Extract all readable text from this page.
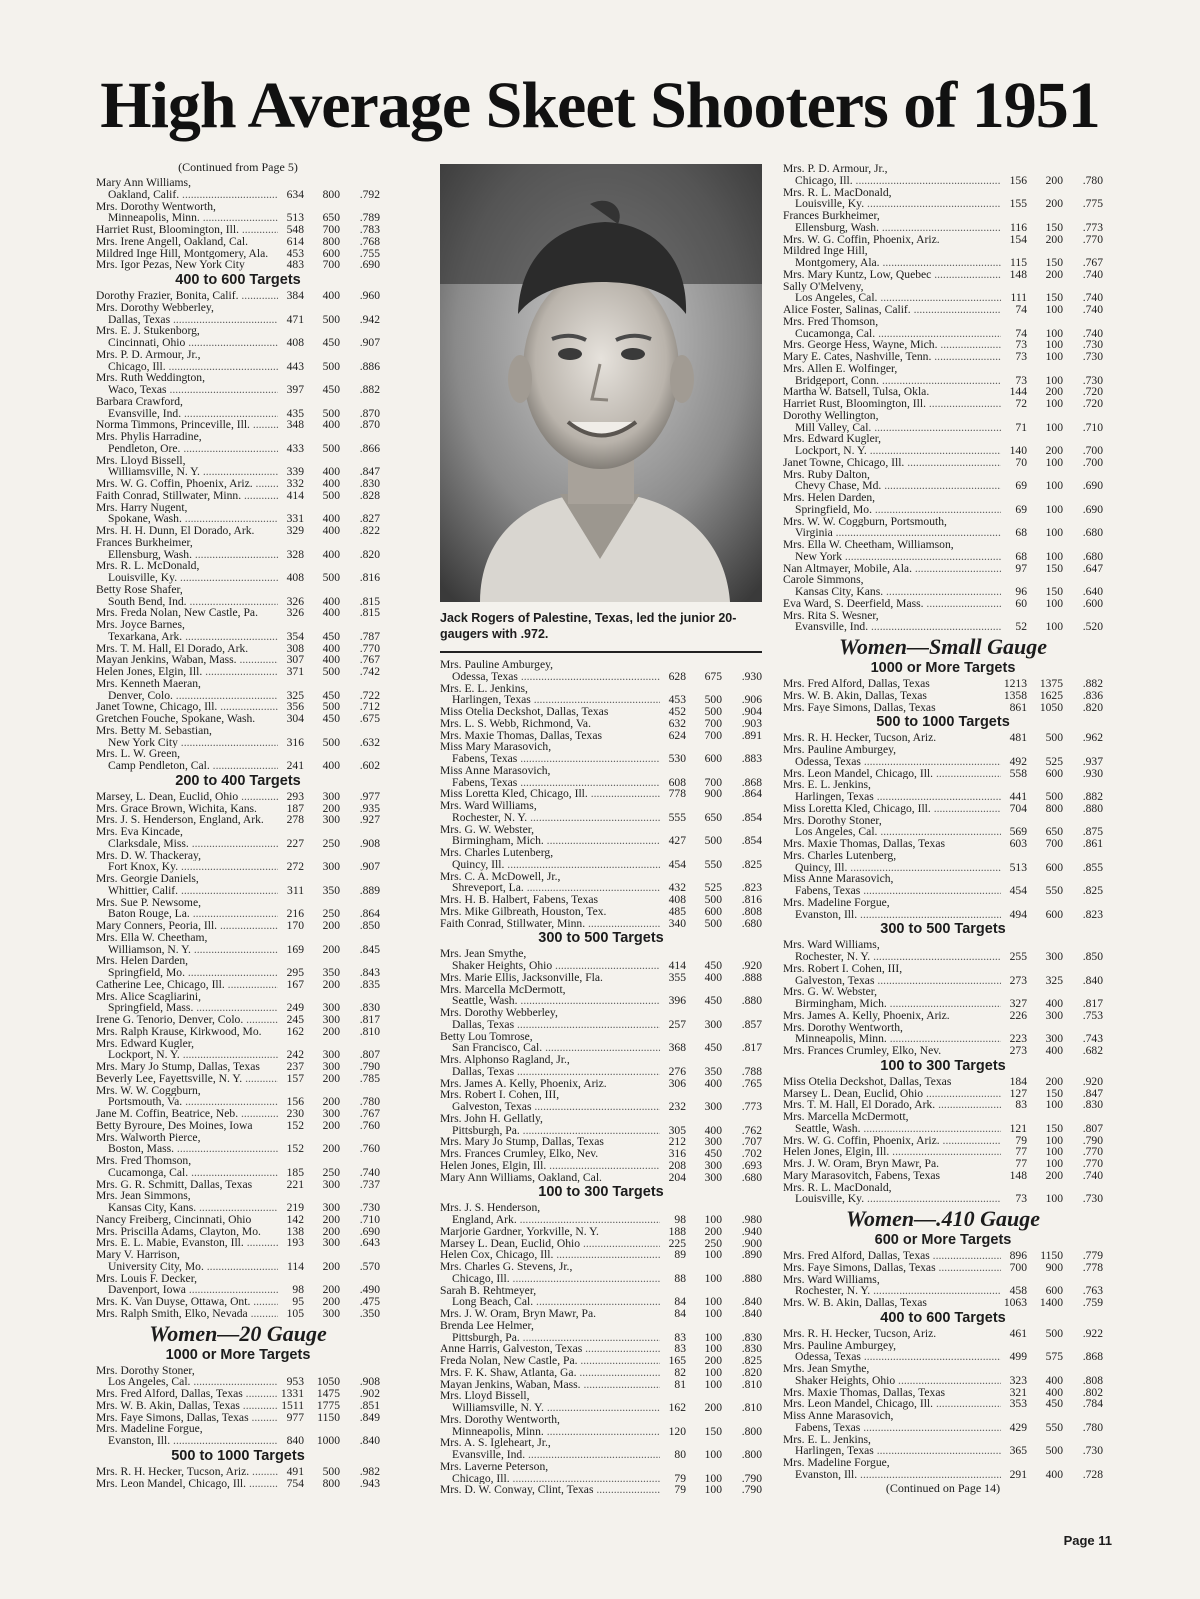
High Average Skeet Shooters of 1951
(Continued from Page 5)
Mary Ann Williams,
Oakland, Calif. .....	634	800	.792
Mrs. Dorothy Wentworth,
Minneapolis, Minn. .....	513	650	.789
Harriet Rust, Bloomington, Ill. .....	548	700	.783
Mrs. Irene Angell, Oakland, Cal.	614	800	.768
Mildred Inge Hill, Montgomery, Ala.	453	600	.755
Mrs. Igor Pezas, New York City	483	700	.690
400 to 600 Targets
Dorothy Frazier, Bonita, Calif. .....	384	400	.960
Mrs. Dorothy Webberley,
Dallas, Texas .....	471	500	.942
Mrs. E. J. Stukenborg,
Cincinnati, Ohio .....	408	450	.907
Mrs. P. D. Armour, Jr.,
Chicago, Ill. .....	443	500	.886
Mrs. Ruth Weddington,
Waco, Texas .....	397	450	.882
Barbara Crawford,
Evansville, Ind. .....	435	500	.870
Norma Timmons, Princeville, Ill. .....	348	400	.870
Mrs. Phylis Harradine,
Pendleton, Ore. .....	433	500	.866
Mrs. Lloyd Bissell,
Williamsville, N. Y. .....	339	400	.847
Mrs. W. G. Coffin, Phoenix, Ariz. .....	332	400	.830
Faith Conrad, Stillwater, Minn. .....	414	500	.828
Mrs. Harry Nugent,
Spokane, Wash. .....	331	400	.827
Mrs. H. H. Dunn, El Dorado, Ark.	329	400	.822
Frances Burkheimer,
Ellensburg, Wash. .....	328	400	.820
Mrs. R. L. McDonald,
Louisville, Ky. .....	408	500	.816
Betty Rose Shafer,
South Bend, Ind. .....	326	400	.815
Mrs. Freda Nolan, New Castle, Pa.	326	400	.815
Mrs. Joyce Barnes,
Texarkana, Ark. .....	354	450	.787
Mrs. T. M. Hall, El Dorado, Ark.	308	400	.770
Mayan Jenkins, Waban, Mass. .....	307	400	.767
Helen Jones, Elgin, Ill. .....	371	500	.742
Mrs. Kenneth Maeran,
Denver, Colo. .....	325	450	.722
Janet Towne, Chicago, Ill. .....	356	500	.712
Gretchen Fouche, Spokane, Wash.	304	450	.675
Mrs. Betty M. Sebastian,
New York City .....	316	500	.632
Mrs. L. W. Green,
Camp Pendleton, Cal. .....	241	400	.602
200 to 400 Targets
Marsey, L. Dean, Euclid, Ohio .....	293	300	.977
Mrs. Grace Brown, Wichita, Kans.	187	200	.935
Mrs. J. S. Henderson, England, Ark.	278	300	.927
Mrs. Eva Kincade,
Clarksdale, Miss. .....	227	250	.908
Mrs. D. W. Thackeray,
Fort Knox, Ky. .....	272	300	.907
Mrs. Georgie Daniels,
Whittier, Calif. .....	311	350	.889
Mrs. Sue P. Newsome,
Baton Rouge, La. .....	216	250	.864
Mary Conners, Peoria, Ill. .....	170	200	.850
Mrs. Ella W. Cheetham,
Williamson, N. Y. .....	169	200	.845
Mrs. Helen Darden,
Springfield, Mo. .....	295	350	.843
Catherine Lee, Chicago, Ill. .....	167	200	.835
Mrs. Alice Scagliarini,
Springfield, Mass. .....	249	300	.830
Irene G. Tenorio, Denver, Colo. .....	245	300	.817
Mrs. Ralph Krause, Kirkwood, Mo.	162	200	.810
Mrs. Edward Kugler,
Lockport, N. Y. .....	242	300	.807
Mrs. Mary Jo Stump, Dallas, Texas	237	300	.790
Beverly Lee, Fayettsville, N. Y. .....	157	200	.785
Mrs. W. W. Coggburn,
Portsmouth, Va. .....	156	200	.780
Jane M. Coffin, Beatrice, Neb. .....	230	300	.767
Betty Byroure, Des Moines, Iowa	152	200	.760
Mrs. Walworth Pierce,
Boston, Mass. .....	152	200	.760
Mrs. Fred Thomson,
Cucamonga, Cal. .....	185	250	.740
Mrs. G. R. Schmitt, Dallas, Texas	221	300	.737
Mrs. Jean Simmons,
Kansas City, Kans. .....	219	300	.730
Nancy Freiberg, Cincinnati, Ohio	142	200	.710
Mrs. Priscilla Adams, Clayton, Mo.	138	200	.690
Mrs. E. L. Mabie, Evanston, Ill. .....	193	300	.643
Mary V. Harrison,
University City, Mo. .....	114	200	.570
Mrs. Louis F. Decker,
Davenport, Iowa .....	98	200	.490
Mrs. K. Van Duyse, Ottawa, Ont. .....	95	200	.475
Mrs. Ralph Smith, Elko, Nevada .....	105	300	.350
Women—20 Gauge
1000 or More Targets
Mrs. Dorothy Stoner,
Los Angeles, Cal. .....	953	1050	.908
Mrs. Fred Alford, Dallas, Texas .....	1331	1475	.902
Mrs. W. B. Akin, Dallas, Texas .....	1511	1775	.851
Mrs. Faye Simons, Dallas, Texas .....	977	1150	.849
Mrs. Madeline Forgue,
Evanston, Ill. .....	840	1000	.840
500 to 1000 Targets
Mrs. R. H. Hecker, Tucson, Ariz. .....	491	500	.982
Mrs. Leon Mandel, Chicago, Ill. .....	754	800	.943
Jack Rogers of Palestine, Texas, led the junior 20-gaugers with .972.
Mrs. Pauline Amburgey,
Odessa, Texas .....	628	675	.930
Mrs. E. L. Jenkins,
Harlingen, Texas .....	453	500	.906
Miss Otelia Deckshot, Dallas, Texas	452	500	.904
Mrs. L. S. Webb, Richmond, Va.	632	700	.903
Mrs. Maxie Thomas, Dallas, Texas	624	700	.891
Miss Mary Marasovich,
Fabens, Texas .....	530	600	.883
Miss Anne Marasovich,
Fabens, Texas .....	608	700	.868
Miss Loretta Kled, Chicago, Ill. .....	778	900	.864
Mrs. Ward Williams,
Rochester, N. Y. .....	555	650	.854
Mrs. G. W. Webster,
Birmingham, Mich. .....	427	500	.854
Mrs. Charles Lutenberg,
Quincy, Ill. .....	454	550	.825
Mrs. C. A. McDowell, Jr.,
Shreveport, La. .....	432	525	.823
Mrs. H. B. Halbert, Fabens, Texas	408	500	.816
Mrs. Mike Gilbreath, Houston, Tex.	485	600	.808
Faith Conrad, Stillwater, Minn. .....	340	500	.680
300 to 500 Targets
Mrs. Jean Smythe,
Shaker Heights, Ohio .....	414	450	.920
Mrs. Marie Ellis, Jacksonville, Fla.	355	400	.888
Mrs. Marcella McDermott,
Seattle, Wash. .....	396	450	.880
Mrs. Dorothy Webberley,
Dallas, Texas .....	257	300	.857
Betty Lou Tomrose,
San Francisco, Cal. .....	368	450	.817
Mrs. Alphonso Ragland, Jr.,
Dallas, Texas .....	276	350	.788
Mrs. James A. Kelly, Phoenix, Ariz.	306	400	.765
Mrs. Robert I. Cohen, III,
Galveston, Texas .....	232	300	.773
Mrs. John H. Gellatly,
Pittsburgh, Pa. .....	305	400	.762
Mrs. Mary Jo Stump, Dallas, Texas	212	300	.707
Mrs. Frances Crumley, Elko, Nev.	316	450	.702
Helen Jones, Elgin, Ill. .....	208	300	.693
Mary Ann Williams, Oakland, Cal.	204	300	.680
100 to 300 Targets
Mrs. J. S. Henderson,
England, Ark. .....	98	100	.980
Marjorie Gardner, Yorkville, N. Y.	188	200	.940
Marsey L. Dean, Euclid, Ohio .....	225	250	.900
Helen Cox, Chicago, Ill. .....	89	100	.890
Mrs. Charles G. Stevens, Jr.,
Chicago, Ill. .....	88	100	.880
Sarah B. Rehtmeyer,
Long Beach, Cal. .....	84	100	.840
Mrs. J. W. Oram, Bryn Mawr, Pa.	84	100	.840
Brenda Lee Helmer,
Pittsburgh, Pa. .....	83	100	.830
Anne Harris, Galveston, Texas .....	83	100	.830
Freda Nolan, New Castle, Pa. .....	165	200	.825
Mrs. F. K. Shaw, Atlanta, Ga. .....	82	100	.820
Mayan Jenkins, Waban, Mass. .....	81	100	.810
Mrs. Lloyd Bissell,
Williamsville, N. Y. .....	162	200	.810
Mrs. Dorothy Wentworth,
Minneapolis, Minn. .....	120	150	.800
Mrs. A. S. Igleheart, Jr.,
Evansville, Ind. .....	80	100	.800
Mrs. Laverne Peterson,
Chicago, Ill. .....	79	100	.790
Mrs. D. W. Conway, Clint, Texas .....	79	100	.790
Mrs. P. D. Armour, Jr.,
Chicago, Ill. .....	156	200	.780
Mrs. R. L. MacDonald,
Louisville, Ky. .....	155	200	.775
Frances Burkheimer,
Ellensburg, Wash. .....	116	150	.773
Mrs. W. G. Coffin, Phoenix, Ariz.	154	200	.770
Mildred Inge Hill,
Montgomery, Ala. .....	115	150	.767
Mrs. Mary Kuntz, Low, Quebec .....	148	200	.740
Sally O'Melveny,
Los Angeles, Cal. .....	111	150	.740
Alice Foster, Salinas, Calif. .....	74	100	.740
Mrs. Fred Thomson,
Cucamonga, Cal. .....	74	100	.740
Mrs. George Hess, Wayne, Mich. .....	73	100	.730
Mary E. Cates, Nashville, Tenn. .....	73	100	.730
Mrs. Allen E. Wolfinger,
Bridgeport, Conn. .....	73	100	.730
Martha W. Batsell, Tulsa, Okla.	144	200	.720
Harriet Rust, Bloomington, Ill. .....	72	100	.720
Dorothy Wellington,
Mill Valley, Cal. .....	71	100	.710
Mrs. Edward Kugler,
Lockport, N. Y. .....	140	200	.700
Janet Towne, Chicago, Ill. .....	70	100	.700
Mrs. Ruby Dalton,
Chevy Chase, Md. .....	69	100	.690
Mrs. Helen Darden,
Springfield, Mo. .....	69	100	.690
Mrs. W. W. Coggburn, Portsmouth,
Virginia .....	68	100	.680
Mrs. Ella W. Cheetham, Williamson,
New York .....	68	100	.680
Nan Altmayer, Mobile, Ala. .....	97	150	.647
Carole Simmons,
Kansas City, Kans. .....	96	150	.640
Eva Ward, S. Deerfield, Mass. .....	60	100	.600
Mrs. Rita S. Wesner,
Evansville, Ind. .....	52	100	.520
Women—Small Gauge
1000 or More Targets
Mrs. Fred Alford, Dallas, Texas	1213	1375	.882
Mrs. W. B. Akin, Dallas, Texas	1358	1625	.836
Mrs. Faye Simons, Dallas, Texas	861	1050	.820
500 to 1000 Targets
Mrs. R. H. Hecker, Tucson, Ariz.	481	500	.962
Mrs. Pauline Amburgey,
Odessa, Texas .....	492	525	.937
Mrs. Leon Mandel, Chicago, Ill. .....	558	600	.930
Mrs. E. L. Jenkins,
Harlingen, Texas .....	441	500	.882
Miss Loretta Kled, Chicago, Ill. .....	704	800	.880
Mrs. Dorothy Stoner,
Los Angeles, Cal. .....	569	650	.875
Mrs. Maxie Thomas, Dallas, Texas	603	700	.861
Mrs. Charles Lutenberg,
Quincy, Ill. .....	513	600	.855
Miss Anne Marasovich,
Fabens, Texas .....	454	550	.825
Mrs. Madeline Forgue,
Evanston, Ill. .....	494	600	.823
300 to 500 Targets
Mrs. Ward Williams,
Rochester, N. Y. .....	255	300	.850
Mrs. Robert I. Cohen, III,
Galveston, Texas .....	273	325	.840
Mrs. G. W. Webster,
Birmingham, Mich. .....	327	400	.817
Mrs. James A. Kelly, Phoenix, Ariz.	226	300	.753
Mrs. Dorothy Wentworth,
Minneapolis, Minn. .....	223	300	.743
Mrs. Frances Crumley, Elko, Nev.	273	400	.682
100 to 300 Targets
Miss Otelia Deckshot, Dallas, Texas	184	200	.920
Marsey L. Dean, Euclid, Ohio .....	127	150	.847
Mrs. T. M. Hall, El Dorado, Ark. .....	83	100	.830
Mrs. Marcella McDermott,
Seattle, Wash. .....	121	150	.807
Mrs. W. G. Coffin, Phoenix, Ariz. .....	79	100	.790
Helen Jones, Elgin, Ill. .....	77	100	.770
Mrs. J. W. Oram, Bryn Mawr, Pa.	77	100	.770
Mary Marasovitch, Fabens, Texas	148	200	.740
Mrs. R. L. MacDonald,
Louisville, Ky. .....	73	100	.730
Women—.410 Gauge
600 or More Targets
Mrs. Fred Alford, Dallas, Texas .....	896	1150	.779
Mrs. Faye Simons, Dallas, Texas .....	700	900	.778
Mrs. Ward Williams,
Rochester, N. Y. .....	458	600	.763
Mrs. W. B. Akin, Dallas, Texas	1063	1400	.759
400 to 600 Targets
Mrs. R. H. Hecker, Tucson, Ariz.	461	500	.922
Mrs. Pauline Amburgey,
Odessa, Texas .....	499	575	.868
Mrs. Jean Smythe,
Shaker Heights, Ohio .....	323	400	.808
Mrs. Maxie Thomas, Dallas, Texas	321	400	.802
Mrs. Leon Mandel, Chicago, Ill. .....	353	450	.784
Miss Anne Marasovich,
Fabens, Texas .....	429	550	.780
Mrs. E. L. Jenkins,
Harlingen, Texas .....	365	500	.730
Mrs. Madeline Forgue,
Evanston, Ill. .....	291	400	.728
(Continued on Page 14)
Page 11
